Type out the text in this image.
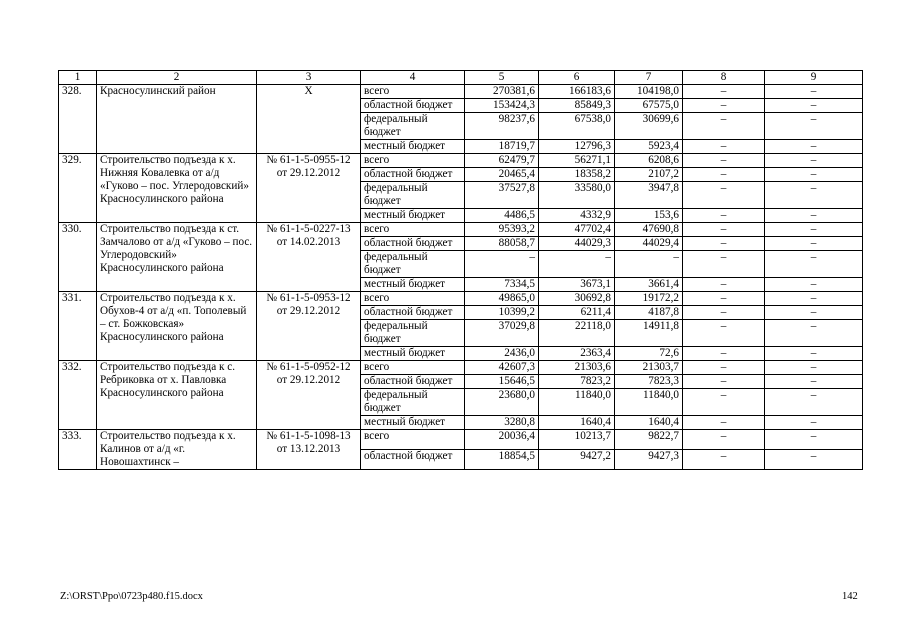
1	2	3	4	5	6	7	8	9
328.	Красносулинский район	Х	всего	270381,6	166183,6	104198,0	–	–
			областной бюджет	153424,3	85849,3	67575,0	–	–
			федеральный бюджет	98237,6	67538,0	30699,6	–	–
			местный бюджет	18719,7	12796,3	5923,4	–	–
329.	Строительство подъезда к х. Нижняя Ковалевка от а/д «Гуково – пос. Углеродовский» Красносулинского района	№ 61-1-5-0955-12 от 29.12.2012	всего	62479,7	56271,1	6208,6	–	–
			областной бюджет	20465,4	18358,2	2107,2	–	–
			федеральный бюджет	37527,8	33580,0	3947,8	–	–
			местный бюджет	4486,5	4332,9	153,6	–	–
330.	Строительство подъезда к ст. Замчалово от а/д «Гуково – пос. Углеродовский» Красносулинского района	№ 61-1-5-0227-13 от 14.02.2013	всего	95393,2	47702,4	47690,8	–	–
			областной бюджет	88058,7	44029,3	44029,4	–	–
			федеральный бюджет	–	–	–	–	–
			местный бюджет	7334,5	3673,1	3661,4	–	–
331.	Строительство подъезда к х. Обухов-4 от а/д «п. Тополевый – ст. Божковская» Красносулинского района	№ 61-1-5-0953-12 от 29.12.2012	всего	49865,0	30692,8	19172,2	–	–
			областной бюджет	10399,2	6211,4	4187,8	–	–
			федеральный бюджет	37029,8	22118,0	14911,8	–	–
			местный бюджет	2436,0	2363,4	72,6	–	–
332.	Строительство подъезда к с. Ребриковка от х. Павловка Красносулинского района	№ 61-1-5-0952-12 от 29.12.2012	всего	42607,3	21303,6	21303,7	–	–
			областной бюджет	15646,5	7823,2	7823,3	–	–
			федеральный бюджет	23680,0	11840,0	11840,0	–	–
			местный бюджет	3280,8	1640,4	1640,4	–	–
333.	Строительство подъезда к х. Калинов от а/д «г. Новошахтинск –	№ 61-1-5-1098-13 от 13.12.2013	всего	20036,4	10213,7	9822,7	–	–
			областной бюджет	18854,5	9427,2	9427,3	–	–
Z:\ORST\Ppo\0723p480.f15.docx	142
